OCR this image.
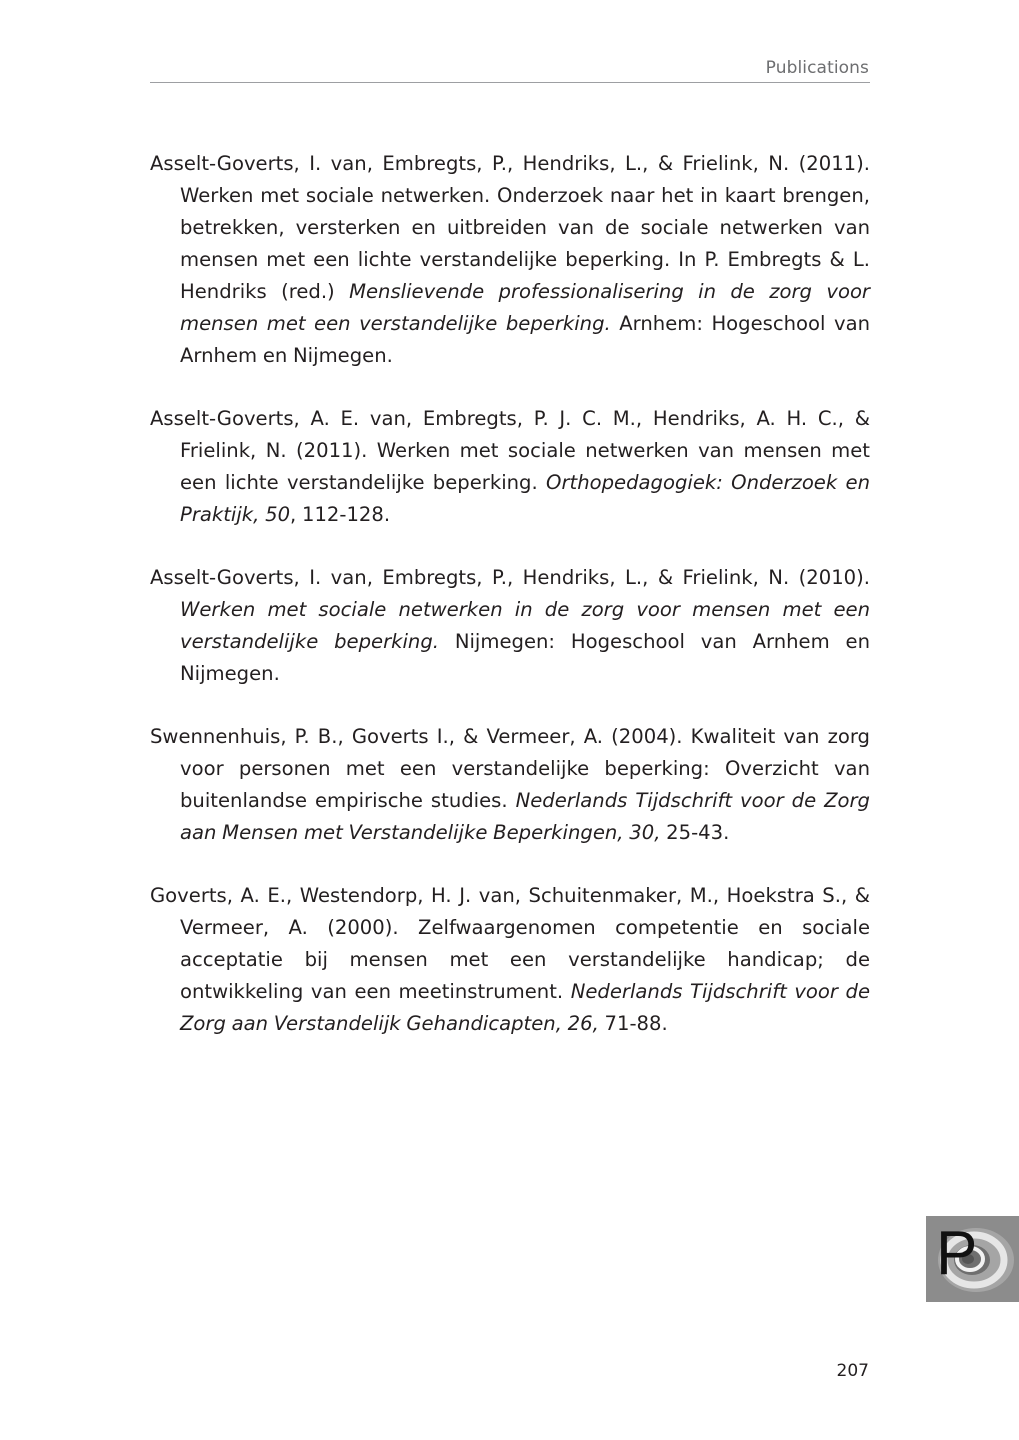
Publications

Asselt-Goverts, I. van, Embregts, P., Hendriks, L., & Frielink, N. (2011). Werken met sociale netwerken. Onderzoek naar het in kaart brengen, betrekken, versterken en uitbreiden van de sociale netwerken van mensen met een lichte verstandelijke beperking. In P. Embregts & L. Hendriks (red.) Menslievende professionalisering in de zorg voor mensen met een verstandelijke beperking. Arnhem: Hogeschool van Arnhem en Nijmegen.

Asselt-Goverts, A. E. van, Embregts, P. J. C. M., Hendriks, A. H. C., & Frielink, N. (2011). Werken met sociale netwerken van mensen met een lichte verstandelijke beperking. Orthopedagogiek: Onderzoek en Praktijk, 50, 112-128.

Asselt-Goverts, I. van, Embregts, P., Hendriks, L., & Frielink, N. (2010). Werken met sociale netwerken in de zorg voor mensen met een verstandelijke beperking. Nijmegen: Hogeschool van Arnhem en Nijmegen.

Swennenhuis, P. B., Goverts I., & Vermeer, A. (2004). Kwaliteit van zorg voor personen met een verstandelijke beperking: Overzicht van buitenlandse empirische studies. Nederlands Tijdschrift voor de Zorg aan Mensen met Verstandelijke Beperkingen, 30, 25-43.

Goverts, A. E., Westendorp, H. J. van, Schuitenmaker, M., Hoekstra S., & Vermeer, A. (2000). Zelfwaargenomen competentie en sociale acceptatie bij mensen met een verstandelijke handicap; de ontwikkeling van een meetinstrument. Nederlands Tijdschrift voor de Zorg aan Verstandelijk Gehandicapten, 26, 71-88.

P
207
